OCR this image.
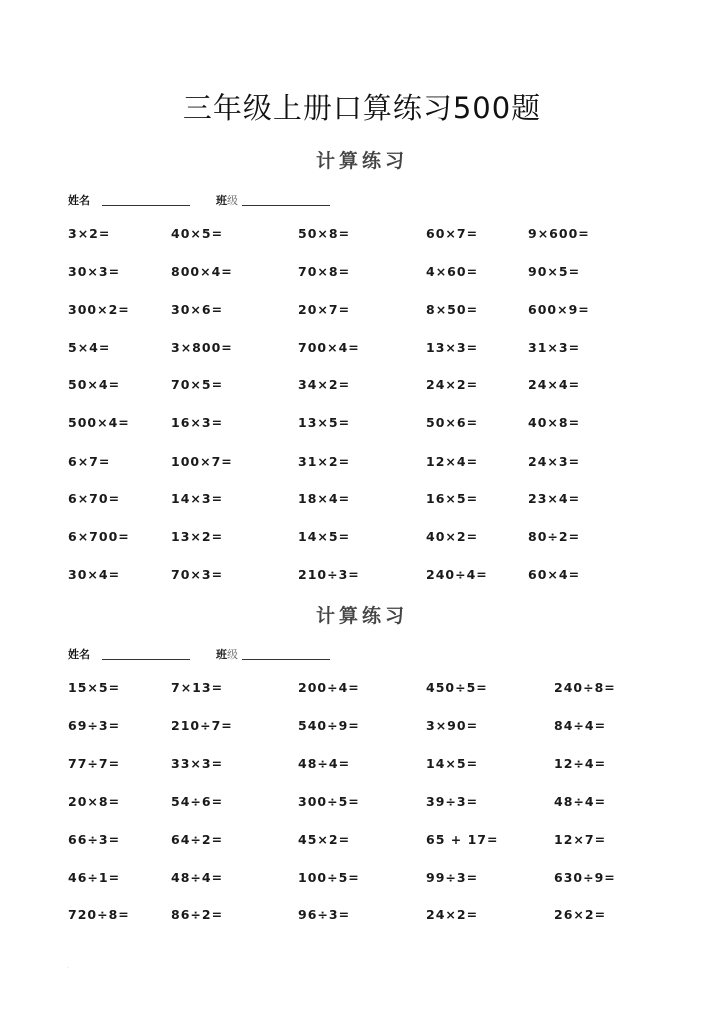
三年级上册口算练习500题
计算练习
姓名	班级
3×2=	40×5=	50×8=	60×7=	9×600=
30×3=	800×4=	70×8=	4×60=	90×5=
300×2=	30×6=	20×7=	8×50=	600×9=
5×4=	3×800=	700×4=	13×3=	31×3=
50×4=	70×5=	34×2=	24×2=	24×4=
500×4=	16×3=	13×5=	50×6=	40×8=
6×7=	100×7=	31×2=	12×4=	24×3=
6×70=	14×3=	18×4=	16×5=	23×4=
6×700=	13×2=	14×5=	40×2=	80÷2=
30×4=	70×3=	210÷3=	240÷4=	60×4=
计算练习
姓名	班级
15×5=	7×13=	200÷4=	450÷5=	240÷8=
69÷3=	210÷7=	540÷9=	3×90=	84÷4=
77÷7=	33×3=	48÷4=	14×5=	12÷4=
20×8=	54÷6=	300÷5=	39÷3=	48÷4=
66÷3=	64÷2=	45×2=	65 + 17=	12×7=
46÷1=	48÷4=	100÷5=	99÷3=	630÷9=
720÷8=	86÷2=	96÷3=	24×2=	26×2=
.
